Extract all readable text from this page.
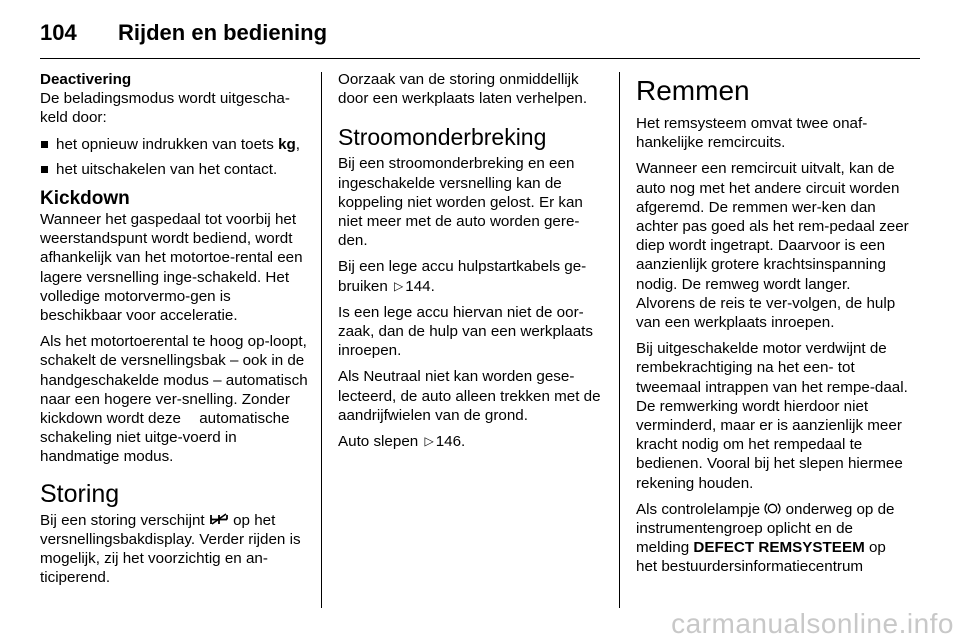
104 Rijden en bediening
Deactivering

De beladingsmodus wordt uitgescha-keld door:

het opnieuw indrukken van toets kg,
het uitschakelen van het contact.
Kickdown

Wanneer het gaspedaal tot voorbij het weerstandspunt wordt bediend, wordt afhankelijk van het motortoe-rental een lagere versnelling inge-schakeld. Het volledige motorvermo-gen is beschikbaar voor acceleratie.

Als het motortoerental te hoog op-loopt, schakelt de versnellingsbak – ook in de handgeschakelde modus – automatisch naar een hogere ver-snelling. Zonder kickdown wordt deze automatische schakeling niet uitge-voerd in handmatige modus.

Storing

Bij een storing verschijnt op het versnellingsbakdisplay. Verder rijden is mogelijk, zij het voorzichtig en an-ticiperend.

Oorzaak van de storing onmiddellijk door een werkplaats laten verhelpen.

Stroomonderbreking

Bij een stroomonderbreking en een ingeschakelde versnelling kan de koppeling niet worden gelost. Er kan niet meer met de auto worden gere-den.

Bij een lege accu hulpstartkabels ge-bruiken ▷ 144.

Is een lege accu hiervan niet de oor-zaak, dan de hulp van een werkplaats inroepen.

Als Neutraal niet kan worden gese-lecteerd, de auto alleen trekken met de aandrijfwielen van de grond.

Auto slepen ▷ 146.

Remmen

Het remsysteem omvat twee onaf-hankelijke remcircuits.

Wanneer een remcircuit uitvalt, kan de auto nog met het andere circuit worden afgeremd. De remmen wer-ken dan achter pas goed als het rem-pedaal zeer diep wordt ingetrapt. Daarvoor is een aanzienlijk grotere krachtsinspanning nodig. De remweg wordt langer. Alvorens de reis te ver-volgen, de hulp van een werkplaats inroepen.

Bij uitgeschakelde motor verdwijnt de rembekrachtiging na het een- tot tweemaal intrappen van het rempe-daal. De remwerking wordt hierdoor niet verminderd, maar er is aanzienlijk meer kracht nodig om het rempedaal te bedienen. Vooral bij het slepen hiermee rekening houden.

Als controlelampje onderweg op de instrumentengroep oplicht en de melding DEFECT REMSYSTEEM op het bestuurdersinformatiecentrum

carmanualsonline.info
